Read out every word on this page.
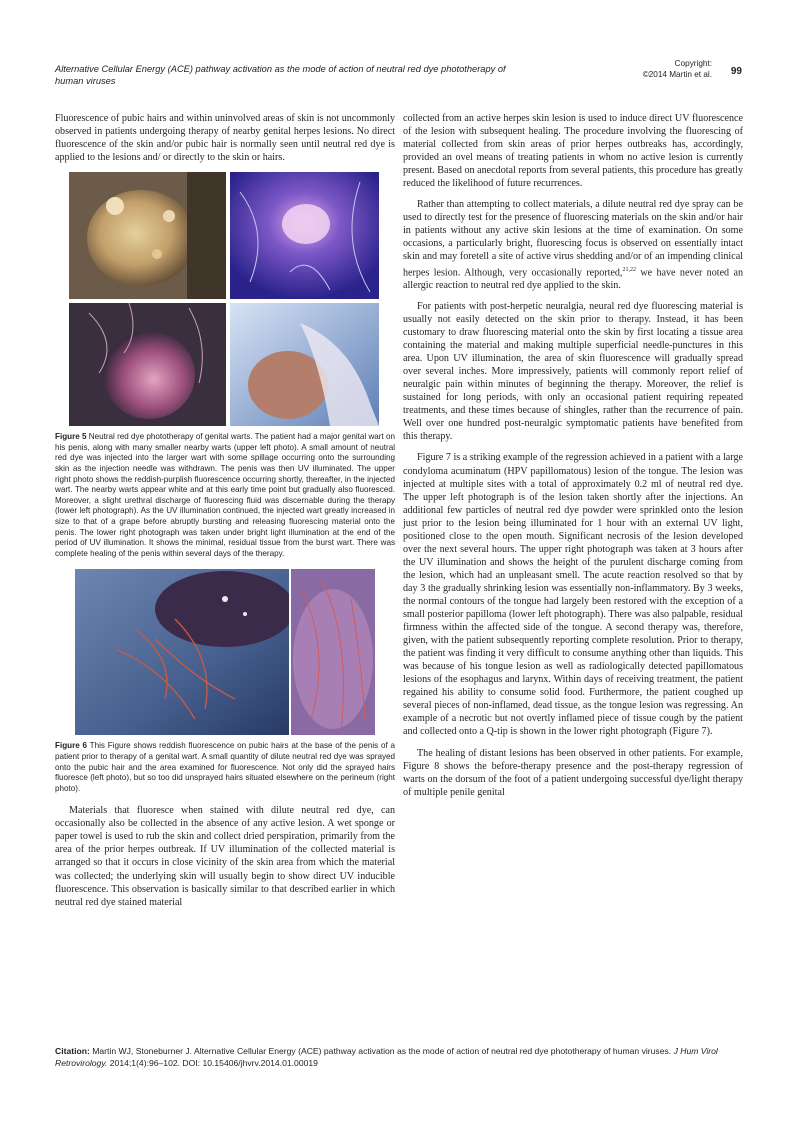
Alternative Cellular Energy (ACE) pathway activation as the mode of action of neutral red dye phototherapy of human viruses
Copyright:
©2014 Martin et al. 99

Fluorescence of pubic hairs and within uninvolved areas of skin is not uncommonly observed in patients undergoing therapy of nearby genital herpes lesions. No direct fluorescence of the skin and/or pubic hair is normally seen until neutral red dye is applied to the lesions and/ or directly to the skin or hairs.

Figure 5 Neutral red dye phototherapy of genital warts. The patient had a major genital wart on his penis, along with many smaller nearby warts (upper left photo). A small amount of neutral red dye was injected into the larger wart with some spillage occurring onto the surrounding skin as the injection needle was withdrawn. The penis was then UV illuminated. The upper right photo shows the reddish-purplish fluorescence occurring shortly, thereafter, in the injected wart. The nearby warts appear white and at this early time point but gradually also fluoresced. Moreover, a slight urethral discharge of fluorescing fluid was discernable during the therapy (lower left photograph). As the UV illumination continued, the injected wart greatly increased in size to that of a grape before abruptly bursting and releasing fluorescing material onto the penis. The lower right photograph was taken under bright light illumination at the end of the period of UV illumination. It shows the minimal, residual tissue from the burst wart. There was complete healing of the penis within several days of the therapy.
Figure 6 This Figure shows reddish fluorescence on pubic hairs at the base of the penis of a patient prior to therapy of a genital wart. A small quantity of dilute neutral red dye was sprayed onto the pubic hair and the area examined for fluorescence. Not only did the sprayed hairs fluoresce (left photo), but so too did unsprayed hairs situated elsewhere on the perineum (right photo).

Materials that fluoresce when stained with dilute neutral red dye, can occasionally also be collected in the absence of any active lesion. A wet sponge or paper towel is used to rub the skin and collect dried perspiration, primarily from the area of the prior herpes outbreak. If UV illumination of the collected material is arranged so that it occurs in close vicinity of the skin area from which the material was collected; the underlying skin will usually begin to show direct UV inducible fluorescence. This observation is basically similar to that described earlier in which neutral red dye stained material

collected from an active herpes skin lesion is used to induce direct UV fluorescence of the lesion with subsequent healing. The procedure involving the fluorescing of material collected from skin areas of prior herpes outbreaks has, accordingly, provided an ovel means of treating patients in whom no active lesion is currently present. Based on anecdotal reports from several patients, this procedure has greatly reduced the likelihood of future recurrences.

Rather than attempting to collect materials, a dilute neutral red dye spray can be used to directly test for the presence of fluorescing materials on the skin and/or hair in patients without any active skin lesions at the time of examination. On some occasions, a particularly bright, fluorescing focus is observed on essentially intact skin and may foretell a site of active virus shedding and/or of an impending clinical herpes lesion. Although, very occasionally reported,$^{21,22}$ we have never noted an allergic reaction to neutral red dye applied to the skin.

For patients with post-herpetic neuralgia, neural red dye fluorescing material is usually not easily detected on the skin prior to therapy. Instead, it has been customary to draw fluorescing material onto the skin by first locating a tissue area containing the material and making multiple superficial needle-punctures in this area. Upon UV illumination, the area of skin fluorescence will gradually spread over several inches. More impressively, patients will commonly report relief of neuralgic pain within minutes of beginning the therapy. Moreover, the relief is sustained for long periods, with only an occasional patient requiring repeated treatments, and these times because of shingles, rather than the recurrence of pain. Well over one hundred post-neuralgic symptomatic patients have benefited from this therapy.

Figure 7 is a striking example of the regression achieved in a patient with a large condyloma acuminatum (HPV papillomatous) lesion of the tongue. The lesion was injected at multiple sites with a total of approximately 0.2 ml of neutral red dye. The upper left photograph is of the lesion taken shortly after the injections. An additional few particles of neutral red dye powder were sprinkled onto the lesion just prior to the lesion being illuminated for 1 hour with an external UV light, positioned close to the open mouth. Significant necrosis of the lesion developed over the next several hours. The upper right photograph was taken at 3 hours after the UV illumination and shows the height of the purulent discharge coming from the lesion, which had an unpleasant smell. The acute reaction resolved so that by day 3 the gradually shrinking lesion was essentially non-inflammatory. By 3 weeks, the normal contours of the tongue had largely been restored with the exception of a small posterior papilloma (lower left photograph). There was also palpable, residual firmness within the affected side of the tongue. A second therapy was, therefore, given, with the patient subsequently reporting complete resolution. Prior to therapy, the patient was finding it very difficult to consume anything other than liquids. This was because of his tongue lesion as well as radiologically detected papillomatous lesions of the esophagus and larynx. Within days of receiving treatment, the patient regained his ability to consume solid food. Furthermore, the patient coughed up several pieces of non-inflamed, dead tissue, as the tongue lesion was regressing. An example of a necrotic but not overtly inflamed piece of tissue cough by the patient and collected onto a Q-tip is shown in the lower right photograph (Figure 7).

The healing of distant lesions has been observed in other patients. For example, Figure 8 shows the before-therapy presence and the post-therapy regression of warts on the dorsum of the foot of a patient undergoing successful dye/light therapy of multiple penile genital

Citation: Martin WJ, Stoneburner J. Alternative Cellular Energy (ACE) pathway activation as the mode of action of neutral red dye phototherapy of human viruses. J Hum Virol Retrovirology. 2014;1(4):96‒102. DOI: 10.15406/jhvrv.2014.01.00019
